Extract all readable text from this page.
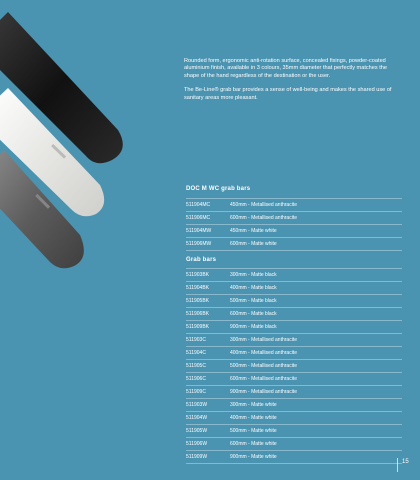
Rounded form, ergonomic anti-rotation surface, concealed fixings, powder-coated aluminium finish, available in 3 colours, 35mm diameter that perfectly matches the shape of the hand regardless of the destination or the user.

The Be-Line® grab bar provides a sense of well-being and makes the shared use of sanitary areas more pleasant.

DOC M WC grab bars
511904MC	450mm - Metallised anthracite
511906MC	600mm - Metallised anthracite
511904MW	450mm - Matte white
511906MW	600mm - Matte white
Grab bars
511903BK	300mm - Matte black
511904BK	400mm - Matte black
511905BK	500mm - Matte black
511906BK	600mm - Matte black
511909BK	900mm - Matte black
511903C	300mm - Metallised anthracite
511904C	400mm - Metallised anthracite
511905C	500mm - Metallised anthracite
511906C	600mm - Metallised anthracite
511909C	900mm - Metallised anthracite
511903W	300mm - Matte white
511904W	400mm - Matte white
511905W	500mm - Matte white
511906W	600mm - Matte white
511909W	900mm - Matte white
15
